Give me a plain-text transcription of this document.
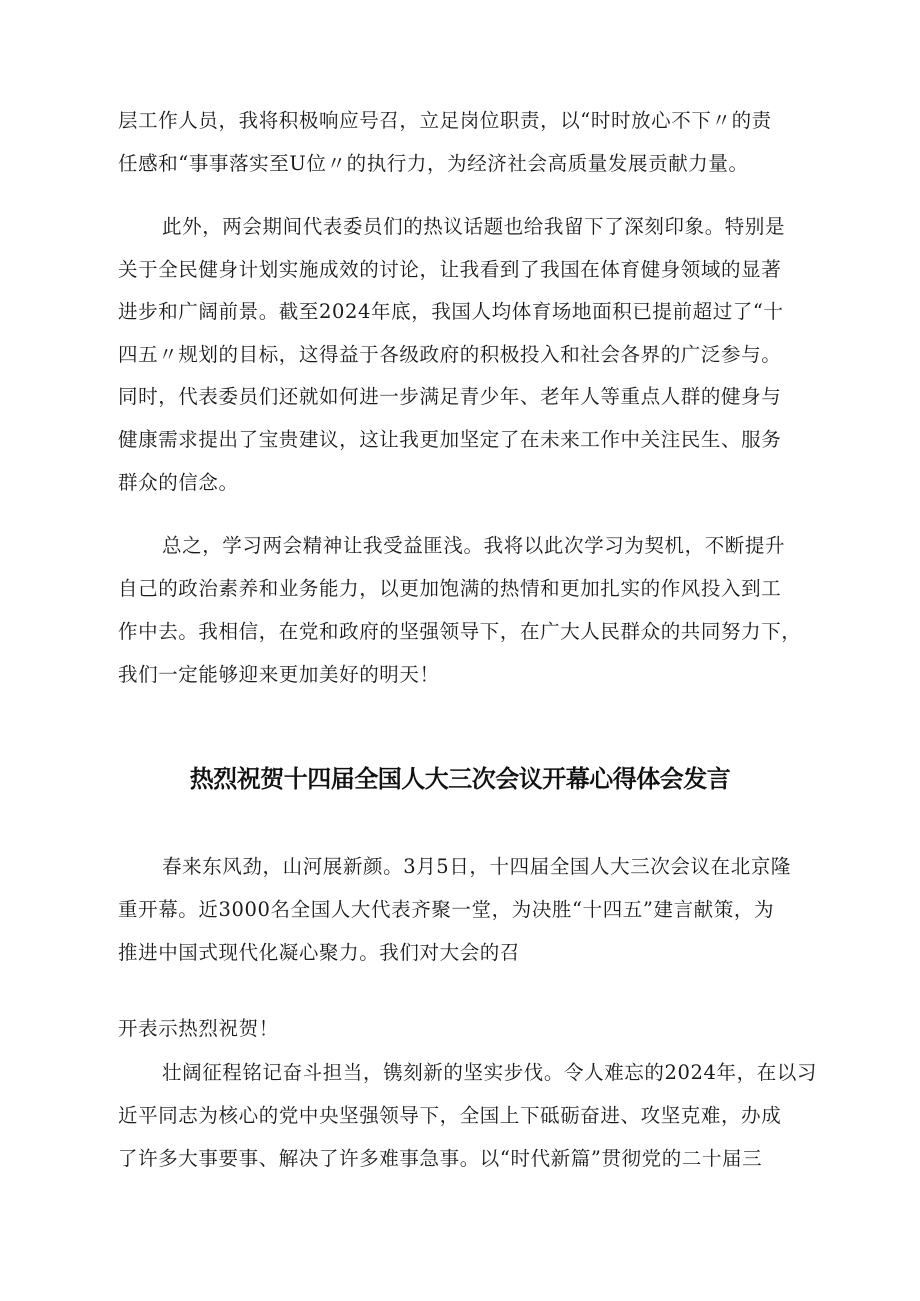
层工作人员，我将积极响应号召，立足岗位职责，以“时时放心不下〃的责
任感和“事事落实至U位〃的执行力，为经济社会高质量发展贡献力量。
此外，两会期间代表委员们的热议话题也给我留下了深刻印象。特别是
关于全民健身计划实施成效的讨论，让我看到了我国在体育健身领域的显著
进步和广阔前景。截至2024年底，我国人均体育场地面积已提前超过了“十
四五〃规划的目标，这得益于各级政府的积极投入和社会各界的广泛参与。
同时，代表委员们还就如何进一步满足青少年、老年人等重点人群的健身与
健康需求提出了宝贵建议，这让我更加坚定了在未来工作中关注民生、服务
群众的信念。
总之，学习两会精神让我受益匪浅。我将以此次学习为契机，不断提升
自己的政治素养和业务能力，以更加饱满的热情和更加扎实的作风投入到工
作中去。我相信，在党和政府的坚强领导下，在广大人民群众的共同努力下，
我们一定能够迎来更加美好的明天！
热烈祝贺十四届全国人大三次会议开幕心得体会发言
春来东风劲，山河展新颜。3月5日，十四届全国人大三次会议在北京隆
重开幕。近3000名全国人大代表齐聚一堂，为决胜“十四五”建言献策，为
推进中国式现代化凝心聚力。我们对大会的召
开表示热烈祝贺！
壮阔征程铭记奋斗担当，镌刻新的坚实步伐。令人难忘的2024年，在以习
近平同志为核心的党中央坚强领导下，全国上下砥砺奋进、攻坚克难，办成
了许多大事要事、解决了许多难事急事。以“时代新篇”贯彻党的二十届三
